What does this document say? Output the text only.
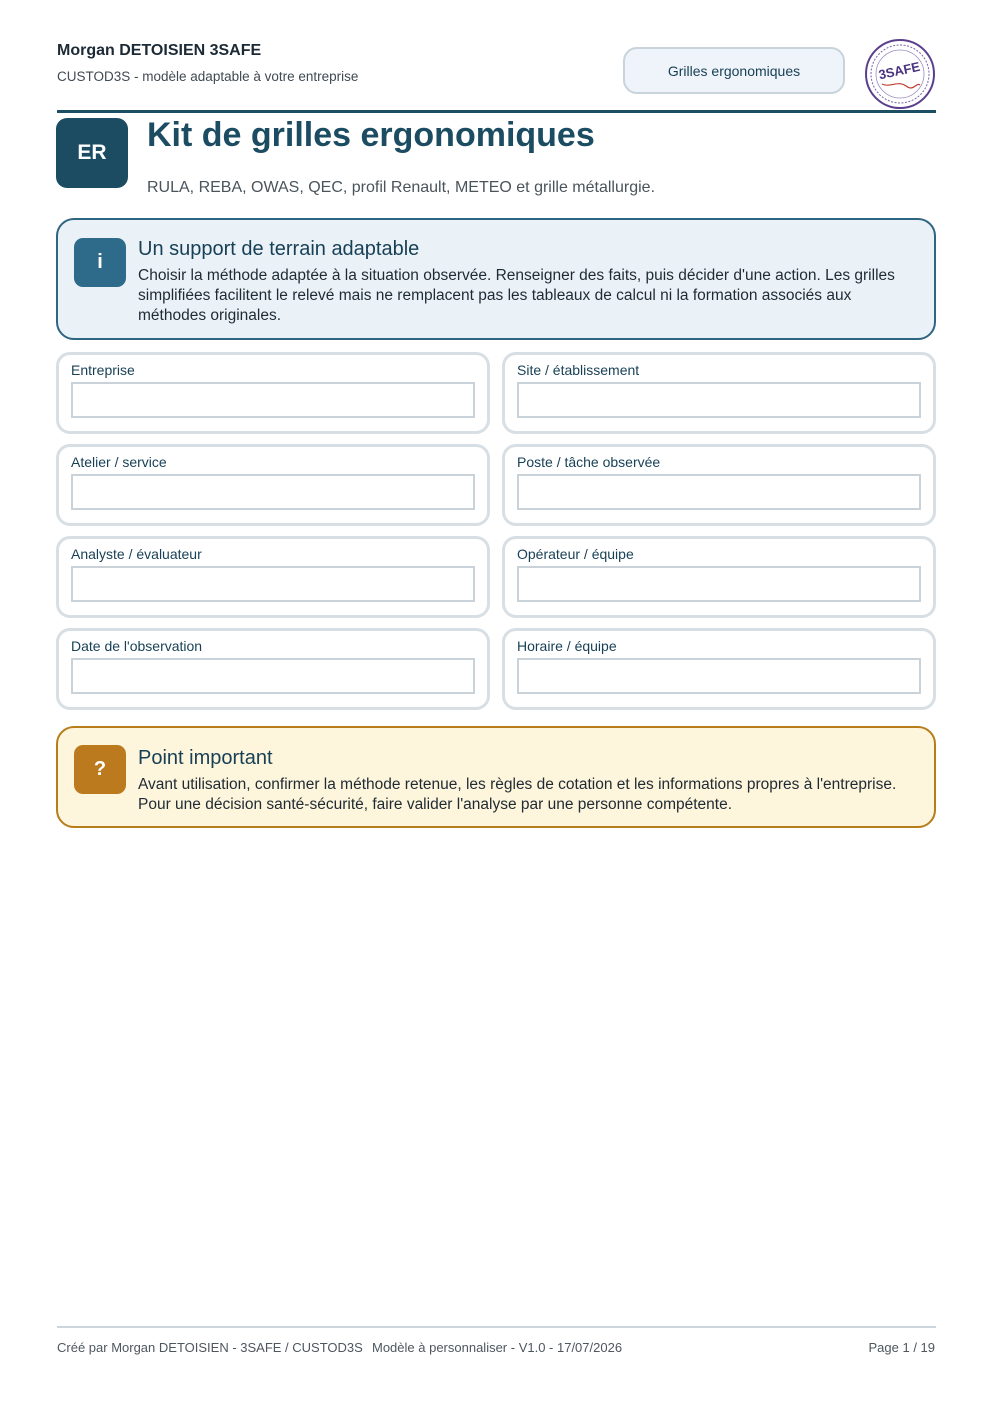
Morgan DETOISIEN 3SAFE
CUSTOD3S - modèle adaptable à votre entreprise	Grilles ergonomiques	3SAFE
ER	Kit de grilles ergonomiques
RULA, REBA, OWAS, QEC, profil Renault, METEO et grille métallurgie.
i
Un support de terrain adaptable
Choisir la méthode adaptée à la situation observée. Renseigner des faits, puis décider d'une action. Les grilles simplifiées facilitent le relevé mais ne remplacent pas les tableaux de calcul ni la formation associés aux méthodes originales.
Entreprise	Site / établissement
Atelier / service	Poste / tâche observée
Analyste / évaluateur	Opérateur / équipe
Date de l'observation	Horaire / équipe
?	Point important
Avant utilisation, confirmer la méthode retenue, les règles de cotation et les informations propres à l'entreprise. Pour une décision santé-sécurité, faire valider l'analyse par une personne compétente.
Créé par Morgan DETOISIEN - 3SAFE / CUSTOD3S Modèle à personnaliser - V1.0 - 17/07/2026	Page 1 / 19
